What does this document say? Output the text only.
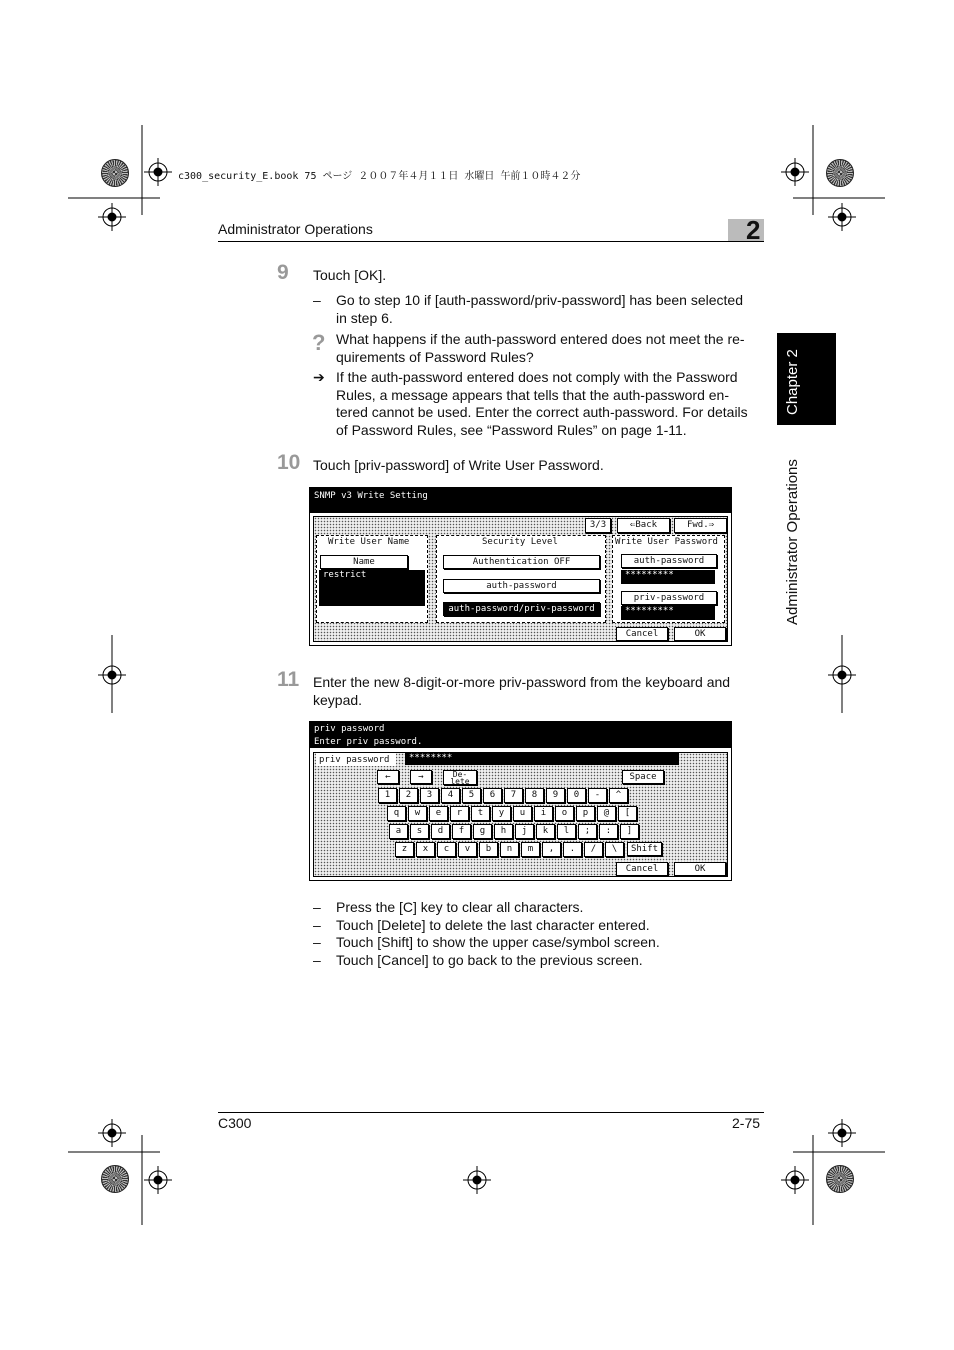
c300_security_E.book 75 ページ ２００７年４月１１日 水曜日 午前１０時４２分
Administrator Operations	2
Chapter 2
Administrator Operations
9 Touch [OK].
– Go to step 10 if [auth-password/priv-password] has been selected
in step 6.
? What happens if the auth-password entered does not meet the re-
quirements of Password Rules?
➔ If the auth-password entered does not comply with the Password
Rules, a message appears that tells that the auth-password en-
tered cannot be used. Enter the correct auth-password. For details
of Password Rules, see “Password Rules” on page 1-11.
10 Touch [priv-password] of Write User Password.
SNMP v3 Write Setting
3/3	⇐Back	Fwd.⇒
Write User Name
Name
restrict
Security Level
Authentication OFF
auth-password
auth-password/priv-password
Write User Password
auth-password
*********
priv-password
*********
Cancel	OK
11 Enter the new 8-digit-or-more priv-password from the keyboard and
keypad.
priv password
Enter priv password.
priv password	********
←	→	De-
lete	Space
1	2	3	4	5	6	7	8	9	0	-	^
q	w	e	r	t	y	u	i	o	p	@	[
a	s	d	f	g	h	j	k	l	;	:	]
z	x	c	v	b	n	m	,	.	/	\	Shift
Cancel	OK
– Press the [C] key to clear all characters.
– Touch [Delete] to delete the last character entered.
– Touch [Shift] to show the upper case/symbol screen.
– Touch [Cancel] to go back to the previous screen.
C300	2-75
